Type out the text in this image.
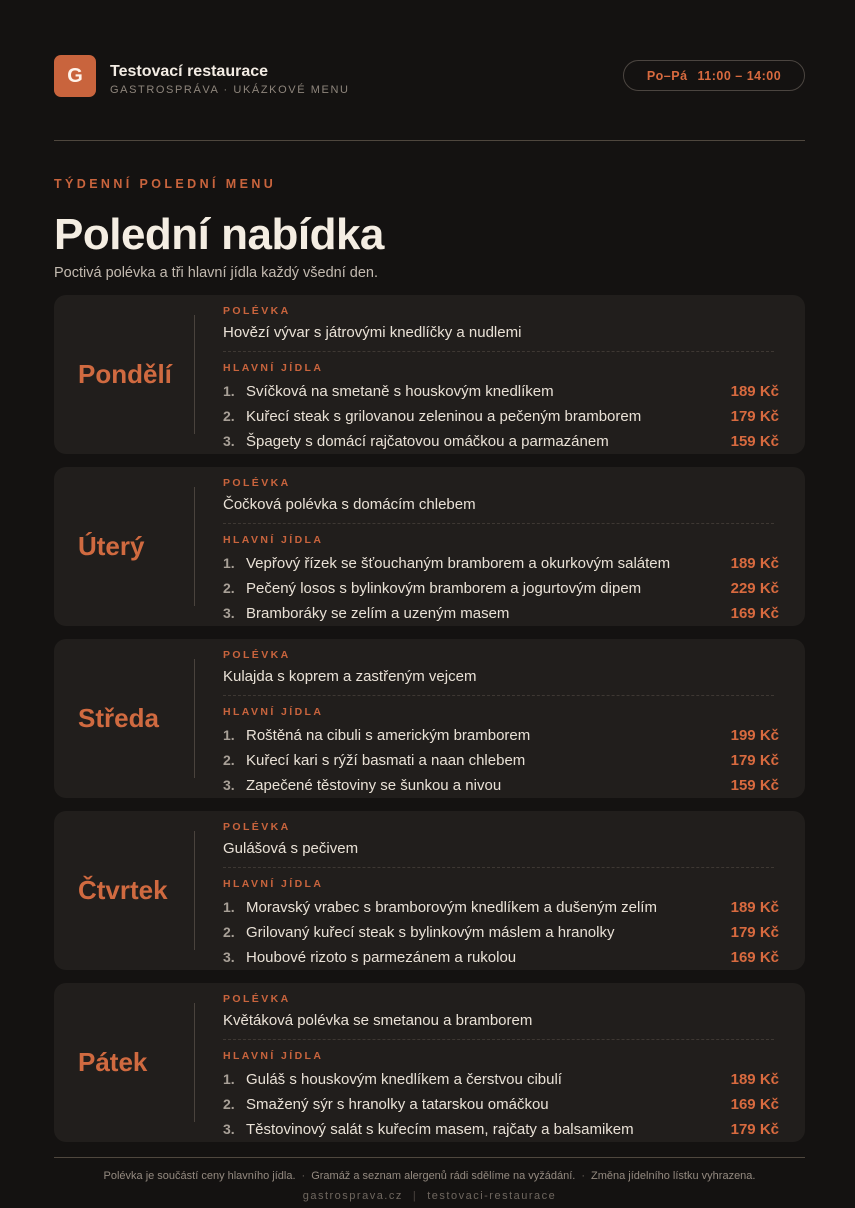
G	Testovací restaurace
GASTROSPRÁVA · UKÁZKOVÉ MENU
Po–Pá 11:00 – 14:00
TÝDENNÍ POLEDNÍ MENU
Polední nabídka
Poctivá polévka a tři hlavní jídla každý všední den.
Pondělí
POLÉVKA
Hovězí vývar s játrovými knedlíčky a nudlemi
HLAVNÍ JÍDLA
1. Svíčková na smetaně s houskovým knedlíkem	189 Kč
2. Kuřecí steak s grilovanou zeleninou a pečeným bramborem	179 Kč
3. Špagety s domácí rajčatovou omáčkou a parmazánem	159 Kč
Úterý
POLÉVKA
Čočková polévka s domácím chlebem
HLAVNÍ JÍDLA
1. Vepřový řízek se šťouchaným bramborem a okurkovým salátem	189 Kč
2. Pečený losos s bylinkovým bramborem a jogurtovým dipem	229 Kč
3. Bramboráky se zelím a uzeným masem	169 Kč
Středa
POLÉVKA
Kulajda s koprem a zastřeným vejcem
HLAVNÍ JÍDLA
1. Roštěná na cibuli s americkým bramborem	199 Kč
2. Kuřecí kari s rýží basmati a naan chlebem	179 Kč
3. Zapečené těstoviny se šunkou a nivou	159 Kč
Čtvrtek
POLÉVKA
Gulášová s pečivem
HLAVNÍ JÍDLA
1. Moravský vrabec s bramborovým knedlíkem a dušeným zelím	189 Kč
2. Grilovaný kuřecí steak s bylinkovým máslem a hranolky	179 Kč
3. Houbové rizoto s parmezánem a rukolou	169 Kč
Pátek
POLÉVKA
Květáková polévka se smetanou a bramborem
HLAVNÍ JÍDLA
1. Guláš s houskovým knedlíkem a čerstvou cibulí	189 Kč
2. Smažený sýr s hranolky a tatarskou omáčkou	169 Kč
3. Těstovinový salát s kuřecím masem, rajčaty a balsamikem	179 Kč
Polévka je součástí ceny hlavního jídla. · Gramáž a seznam alergenů rádi sdělíme na vyžádání. · Změna jídelního lístku vyhrazena.
gastrosprava.cz | testovaci-restaurace
